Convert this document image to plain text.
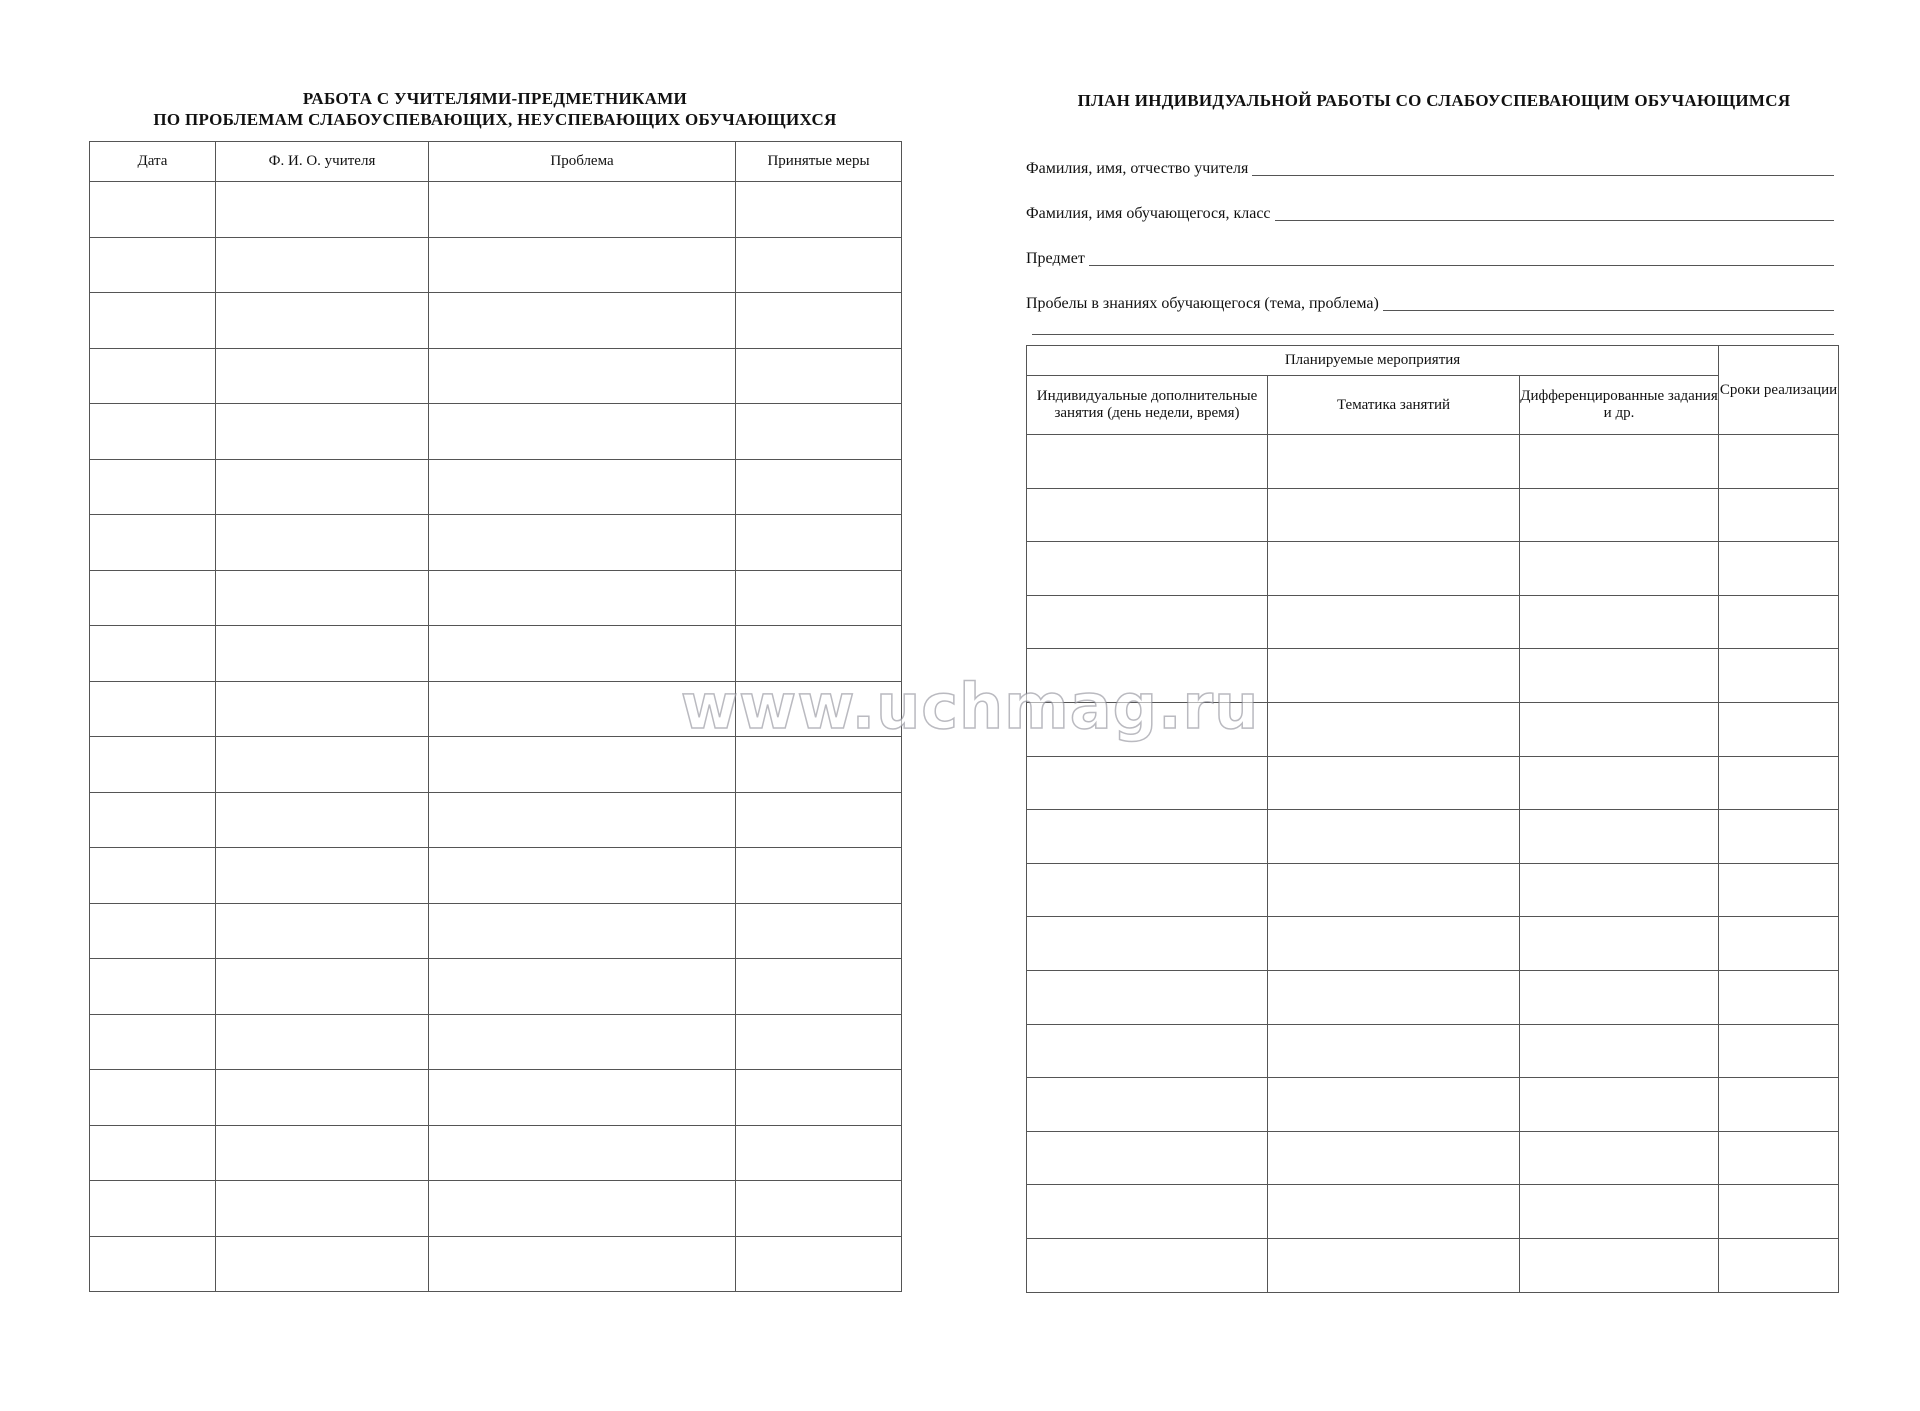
РАБОТА С УЧИТЕЛЯМИ-ПРЕДМЕТНИКАМИ
ПО ПРОБЛЕМАМ СЛАБОУСПЕВАЮЩИХ, НЕУСПЕВАЮЩИХ ОБУЧАЮЩИХСЯ
Дата	Ф. И. О. учителя	Проблема	Принятые меры

ПЛАН ИНДИВИДУАЛЬНОЙ РАБОТЫ СО СЛАБОУСПЕВАЮЩИМ ОБУЧАЮЩИМСЯ
Фамилия, имя, отчество учителя
Фамилия, имя обучающегося, класс
Предмет
Пробелы в знаниях обучающегося (тема, проблема)
Планируемые мероприятия			Сроки реализации
Индивидуальные дополнительные занятия (день недели, время)	Тематика занятий	Дифференцированные задания и др.	

www.uchmag.ru
